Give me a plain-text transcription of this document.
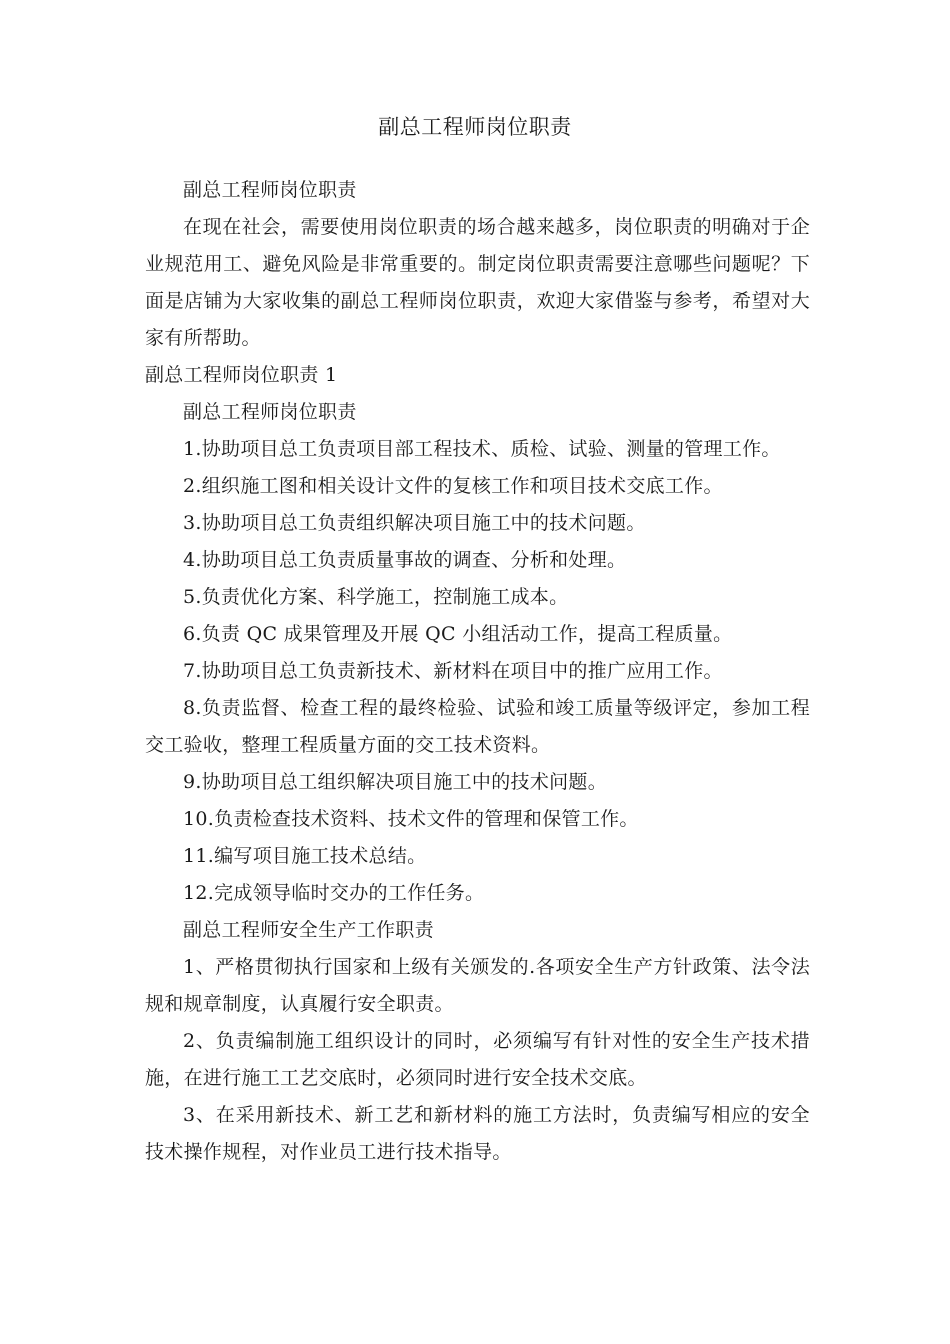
副总工程师岗位职责

副总工程师岗位职责

在现在社会，需要使用岗位职责的场合越来越多，岗位职责的明确对于企业规范用工、避免风险是非常重要的。制定岗位职责需要注意哪些问题呢？下面是店铺为大家收集的副总工程师岗位职责，欢迎大家借鉴与参考，希望对大家有所帮助。

副总工程师岗位职责 1

副总工程师岗位职责

1.协助项目总工负责项目部工程技术、质检、试验、测量的管理工作。

2.组织施工图和相关设计文件的复核工作和项目技术交底工作。

3.协助项目总工负责组织解决项目施工中的技术问题。

4.协助项目总工负责质量事故的调查、分析和处理。

5.负责优化方案、科学施工，控制施工成本。

6.负责 QC 成果管理及开展 QC 小组活动工作，提高工程质量。

7.协助项目总工负责新技术、新材料在项目中的推广应用工作。

8.负责监督、检查工程的最终检验、试验和竣工质量等级评定，参加工程交工验收，整理工程质量方面的交工技术资料。

9.协助项目总工组织解决项目施工中的技术问题。

10.负责检查技术资料、技术文件的管理和保管工作。

11.编写项目施工技术总结。

12.完成领导临时交办的工作任务。

副总工程师安全生产工作职责

1、严格贯彻执行国家和上级有关颁发的.各项安全生产方针政策、法令法规和规章制度，认真履行安全职责。

2、负责编制施工组织设计的同时，必须编写有针对性的安全生产技术措施，在进行施工工艺交底时，必须同时进行安全技术交底。

3、在采用新技术、新工艺和新材料的施工方法时，负责编写相应的安全技术操作规程，对作业员工进行技术指导。
